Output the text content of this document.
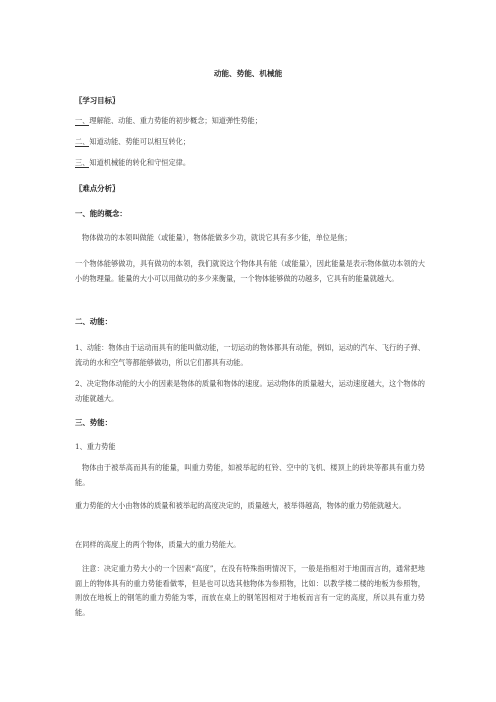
动能、势能、机械能
〖学习目标〗
一、理解能、动能、重力势能的初步概念；知道弹性势能；
二、知道动能、势能可以相互转化；
三、知道机械能的转化和守恒定律。
〖难点分析〗
一、能的概念：
物体做功的本领叫做能（或能量），物体能做多少功，就说它具有多少能，单位是焦；
一个物体能够做功，具有做功的本领，我们就说这个物体具有能（或能量），因此能量是表示物体做功本领的大小的物理量。能量的大小可以用做功的多少来衡量，一个物体能够做的功越多，它具有的能量就越大。
二、动能：
1、动能：物体由于运动而具有的能叫做动能，一切运动的物体都具有动能，例如，运动的汽车、飞行的子弹、流动的水和空气等都能够做功，所以它们都具有动能。
2、决定物体动能的大小的因素是物体的质量和物体的速度。运动物体的质量越大，运动速度越大，这个物体的动能就越大。
三、势能：
1、重力势能
物体由于被举高而具有的能量，叫重力势能，如被举起的杠铃、空中的飞机、楼顶上的砖块等都具有重力势能。
重力势能的大小由物体的质量和被举起的高度决定的，质量越大，被举得越高，物体的重力势能就越大。
在同样的高度上的两个物体，质量大的重力势能大。
注意：决定重力势大小的一个因素“高度”，在没有特殊指明情况下，一般是指相对于地面而言的，通常把地面上的物体具有的重力势能看做零，但是也可以选其他物体为参照物，比如：以教学楼二楼的地板为参照物，则放在地板上的钢笔的重力势能为零，而放在桌上的钢笔因相对于地板而言有一定的高度，所以具有重力势能。
